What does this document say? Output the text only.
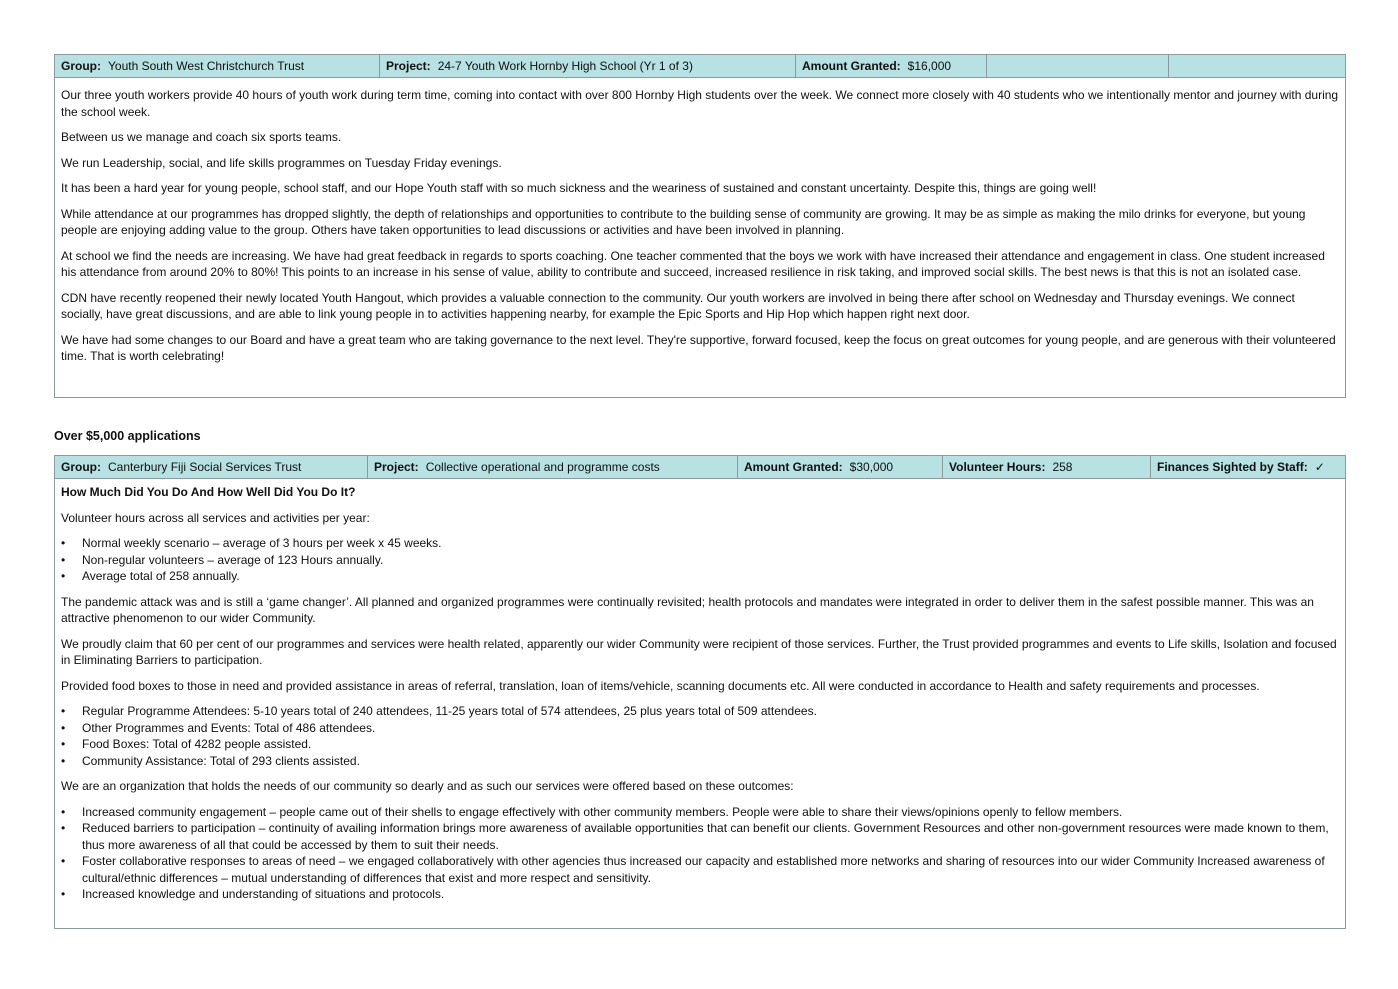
Group: Youth South West Christchurch Trust	Project: 24-7 Youth Work Hornby High School (Yr 1 of 3)	Amount Granted: $16,000

Our three youth workers provide 40 hours of youth work during term time, coming into contact with over 800 Hornby High students over the week. We connect more closely with 40 students who we intentionally mentor and journey with during the school week.

Between us we manage and coach six sports teams.

We run Leadership, social, and life skills programmes on Tuesday Friday evenings.

It has been a hard year for young people, school staff, and our Hope Youth staff with so much sickness and the weariness of sustained and constant uncertainty. Despite this, things are going well!

While attendance at our programmes has dropped slightly, the depth of relationships and opportunities to contribute to the building sense of community are growing. It may be as simple as making the milo drinks for everyone, but young people are enjoying adding value to the group. Others have taken opportunities to lead discussions or activities and have been involved in planning.

At school we find the needs are increasing. We have had great feedback in regards to sports coaching. One teacher commented that the boys we work with have increased their attendance and engagement in class. One student increased his attendance from around 20% to 80%! This points to an increase in his sense of value, ability to contribute and succeed, increased resilience in risk taking, and improved social skills. The best news is that this is not an isolated case.

CDN have recently reopened their newly located Youth Hangout, which provides a valuable connection to the community. Our youth workers are involved in being there after school on Wednesday and Thursday evenings. We connect socially, have great discussions, and are able to link young people in to activities happening nearby, for example the Epic Sports and Hip Hop which happen right next door.

We have had some changes to our Board and have a great team who are taking governance to the next level. They're supportive, forward focused, keep the focus on great outcomes for young people, and are generous with their volunteered time. That is worth celebrating!

Over $5,000 applications
Group: Canterbury Fiji Social Services Trust	Project: Collective operational and programme costs	Amount Granted: $30,000	Volunteer Hours: 258	Finances Sighted by Staff: ✓
How Much Did You Do And How Well Did You Do It?

Volunteer hours across all services and activities per year:

• Normal weekly scenario – average of 3 hours per week x 45 weeks.
• Non-regular volunteers – average of 123 Hours annually.
• Average total of 258 annually.

The pandemic attack was and is still a ‘game changer’. All planned and organized programmes were continually revisited; health protocols and mandates were integrated in order to deliver them in the safest possible manner. This was an attractive phenomenon to our wider Community.

We proudly claim that 60 per cent of our programmes and services were health related, apparently our wider Community were recipient of those services. Further, the Trust provided programmes and events to Life skills, Isolation and focused in Eliminating Barriers to participation.

Provided food boxes to those in need and provided assistance in areas of referral, translation, loan of items/vehicle, scanning documents etc. All were conducted in accordance to Health and safety requirements and processes.

• Regular Programme Attendees: 5-10 years total of 240 attendees, 11-25 years total of 574 attendees, 25 plus years total of 509 attendees.
• Other Programmes and Events: Total of 486 attendees.
• Food Boxes: Total of 4282 people assisted.
• Community Assistance: Total of 293 clients assisted.

We are an organization that holds the needs of our community so dearly and as such our services were offered based on these outcomes:

• Increased community engagement – people came out of their shells to engage effectively with other community members. People were able to share their views/opinions openly to fellow members.
• Reduced barriers to participation – continuity of availing information brings more awareness of available opportunities that can benefit our clients. Government Resources and other non-government resources were made known to them, thus more awareness of all that could be accessed by them to suit their needs.
• Foster collaborative responses to areas of need – we engaged collaboratively with other agencies thus increased our capacity and established more networks and sharing of resources into our wider Community Increased awareness of cultural/ethnic differences – mutual understanding of differences that exist and more respect and sensitivity.
• Increased knowledge and understanding of situations and protocols.
